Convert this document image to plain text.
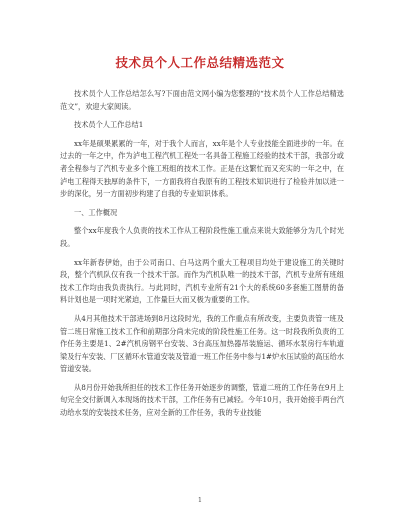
技术员个人工作总结精选范文

技术员个人工作总结怎么写?下面由范文网小编为您整理的“技术员个人工作总结精选范文”，欢迎大家阅读。

技术员个人工作总结1

xx年是硕果累累的一年，对于我个人而言，xx年是个人专业技能全面进步的一年。在过去的一年之中，作为泸电工程汽机工程处一名具备工程施工经验的技术干部，我部分或者全程参与了汽机专业多个施工班组的技术工作。正是在这繁忙而又充实的一年之中，在泸电工程得天独厚的条件下，一方面我将自我原有的工程技术知识进行了检验并加以进一步的深化，另一方面初步构建了自我的专业知识体系。

一、工作概况

整个xx年度我个人负责的技术工作从工程阶段性施工重点来说大致能够分为几个时光段。

xx年新春伊始，由于公司南口、白马这两个重大工程项目均处于建设施工的关键时段，整个汽机队仅有我一个技术干部。而作为汽机队唯一的技术干部，汽机专业所有班组技术工作均由我负责执行。与此同时，汽机专业所有21个大的系统60多套施工图册的备料计划也是一项时光紧迫，工作量巨大而又极为重要的工作。

从4月其他技术干部进场到8月这段时光，我的工作重点有所改变，主要负责管一班及管二班日常施工技术工作和前期部分尚未完成的阶段性施工任务。这一时段我所负责的工作任务主要是1、2#汽机房钢平台安装、3台高压加热器吊装施运、循环水泵房行车轨道梁及行车安装、厂区循环水管道安装及管道一班工作任务中参与1#炉水压试验的高压给水管道安装。

从8月份开始我所担任的技术工作任务开始逐步的调整，管道二班的工作任务在9月上旬完全交付新调入本现场的技术干部，工作任务有已减轻。今年10月，我开始接手两台汽动给水泵的安装技术任务，应对全新的工作任务，我的专业技能

1
